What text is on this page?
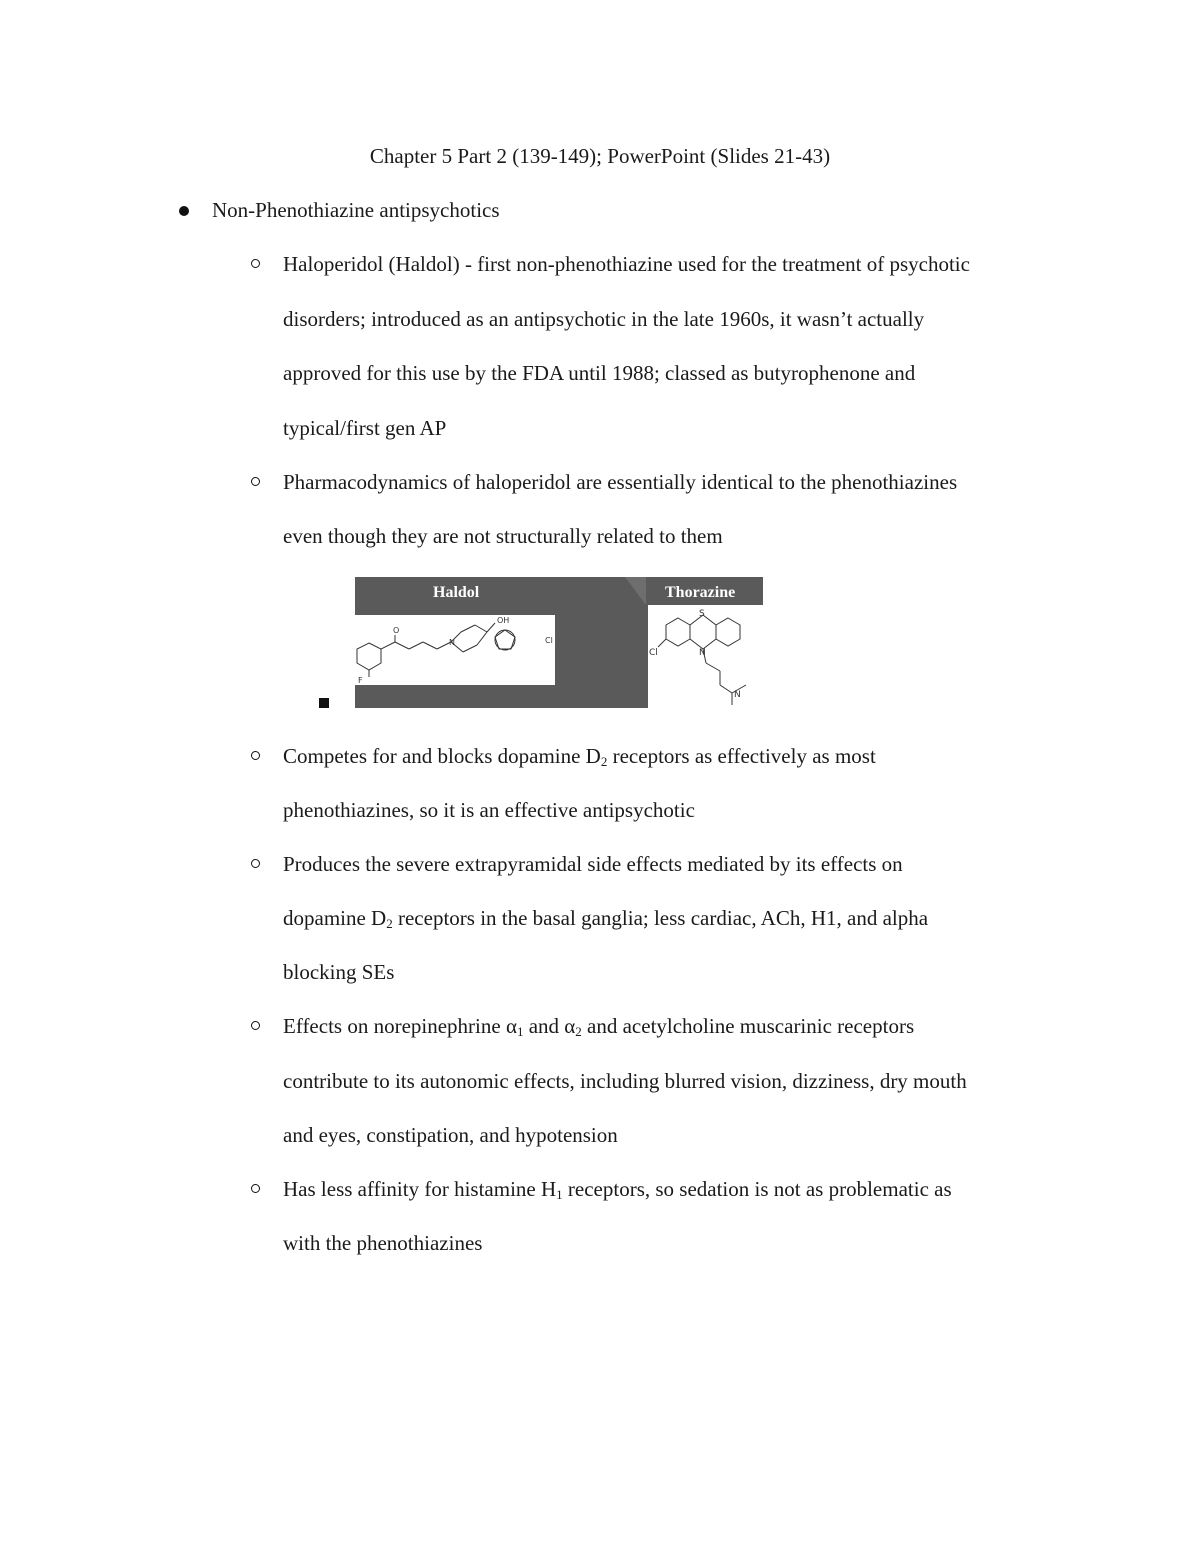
Chapter 5 Part 2 (139-149); PowerPoint (Slides 21-43)
Non-Phenothiazine antipsychotics
Haloperidol (Haldol) - first non-phenothiazine used for the treatment of psychotic
disorders; introduced as an antipsychotic in the late 1960s, it wasn’t actually
approved for this use by the FDA until 1988; classed as butyrophenone and
typical/first gen AP
Pharmacodynamics of haloperidol are essentially identical to the phenothiazines
even though they are not structurally related to them
Haldol	Thorazine
O
OH
N	Cl
F
S
Cl	N
N
Competes for and blocks dopamine $D_2$ receptors as effectively as most
phenothiazines, so it is an effective antipsychotic
Produces the severe extrapyramidal side effects mediated by its effects on
dopamine $D_2$ receptors in the basal ganglia; less cardiac, ACh, H1, and alpha
blocking SEs
Effects on norepinephrine $\alpha_1$ and $\alpha_2$ and acetylcholine muscarinic receptors
contribute to its autonomic effects, including blurred vision, dizziness, dry mouth
and eyes, constipation, and hypotension
Has less affinity for histamine $H_1$ receptors, so sedation is not as problematic as
with the phenothiazines
